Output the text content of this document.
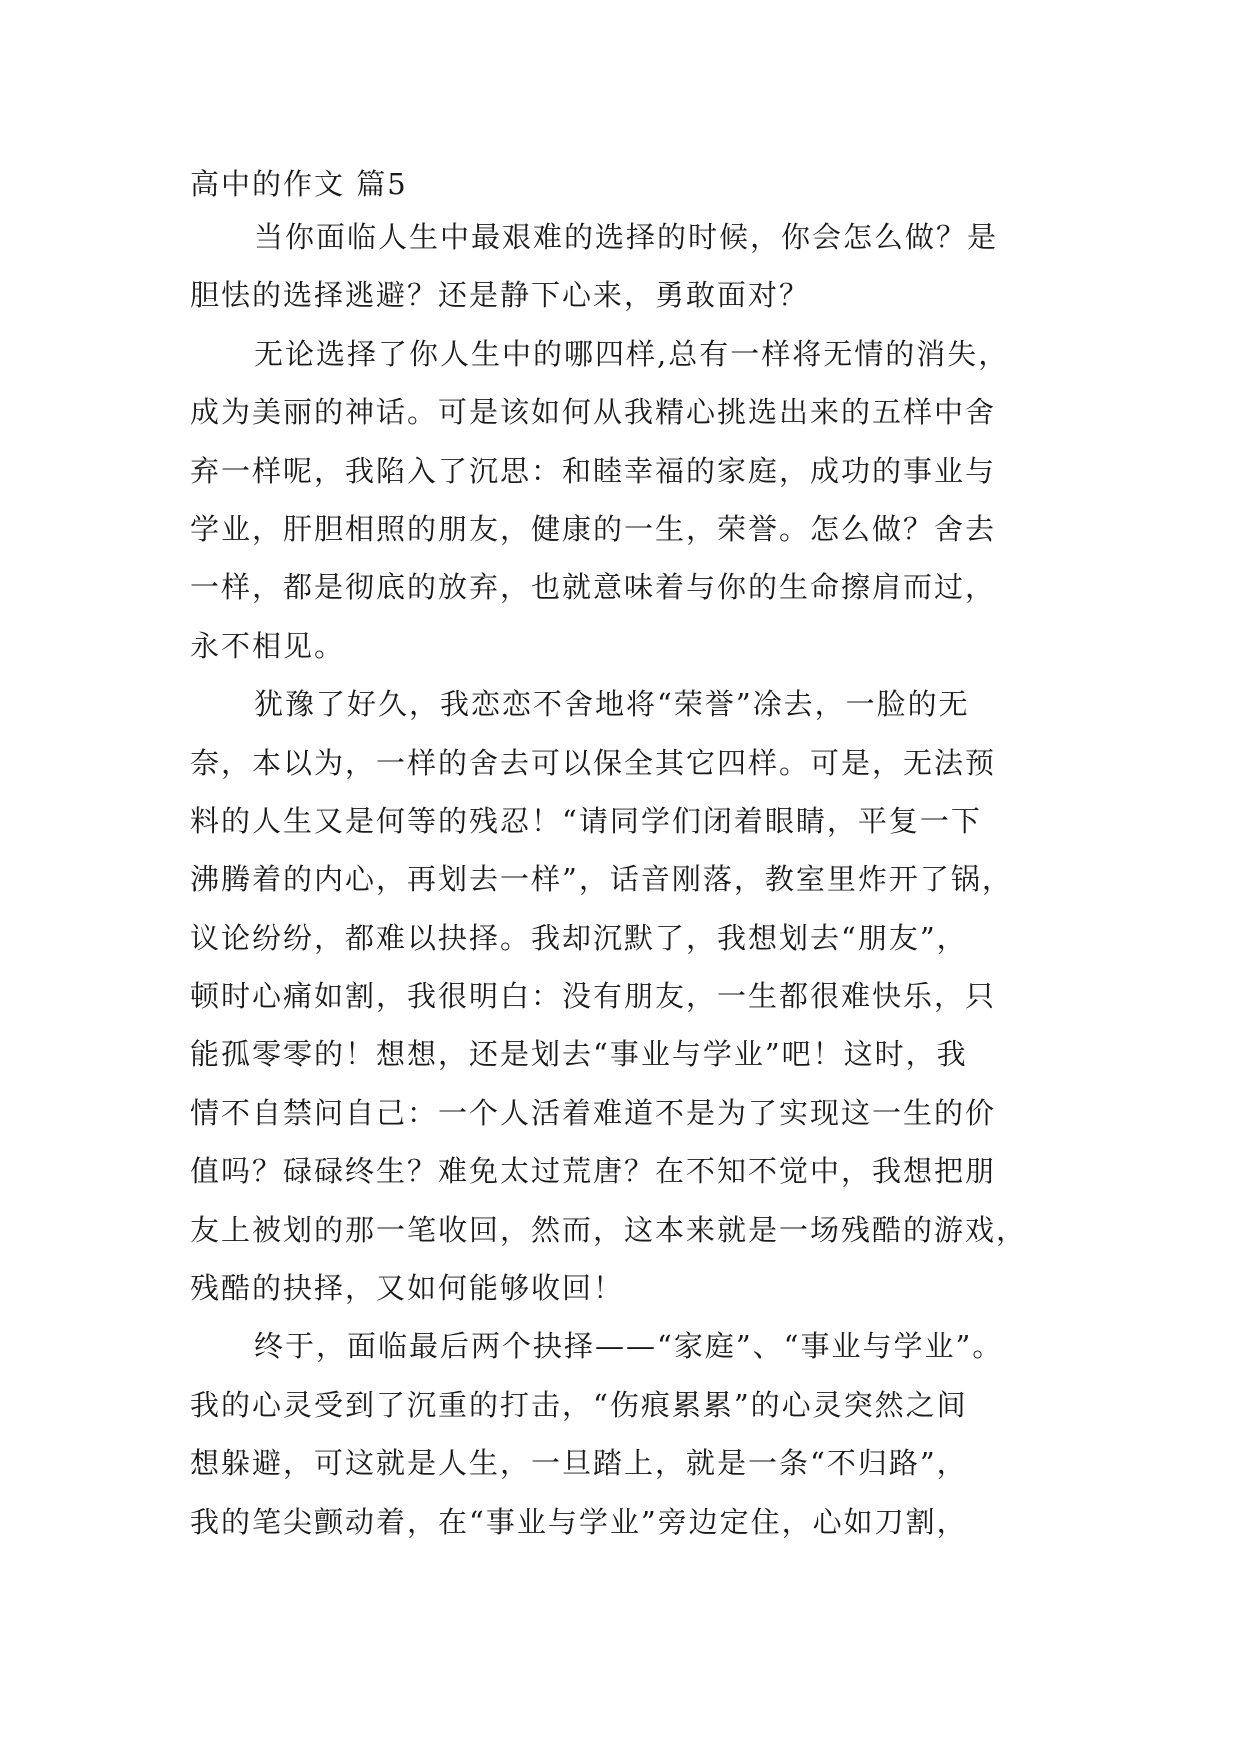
高中的作文 篇5
当你面临人生中最艰难的选择的时候，你会怎么做？是
胆怯的选择逃避？还是静下心来，勇敢面对？
无论选择了你人生中的哪四样,总有一样将无情的消失，
成为美丽的神话。可是该如何从我精心挑选出来的五样中舍
弃一样呢，我陷入了沉思：和睦幸福的家庭，成功的事业与
学业，肝胆相照的朋友，健康的一生，荣誉。怎么做？舍去
一样，都是彻底的放弃，也就意味着与你的生命擦肩而过，
永不相见。
犹豫了好久，我恋恋不舍地将“荣誉”凃去，一脸的无
奈，本以为，一样的舍去可以保全其它四样。可是，无法预
料的人生又是何等的残忍！“请同学们闭着眼睛，平复一下
沸腾着的内心，再划去一样”，话音刚落，教室里炸开了锅，
议论纷纷，都难以抉择。我却沉默了，我想划去“朋友”，
顿时心痛如割，我很明白：没有朋友，一生都很难快乐，只
能孤零零的！想想，还是划去“事业与学业”吧！这时，我
情不自禁问自己：一个人活着难道不是为了实现这一生的价
值吗？碌碌终生？难免太过荒唐？在不知不觉中，我想把朋
友上被划的那一笔收回，然而，这本来就是一场残酷的游戏，
残酷的抉择，又如何能够收回！
终于，面临最后两个抉择——“家庭”、“事业与学业”。
我的心灵受到了沉重的打击，“伤痕累累”的心灵突然之间
想躲避，可这就是人生，一旦踏上，就是一条“不归路”，
我的笔尖颤动着，在“事业与学业”旁边定住，心如刀割，
